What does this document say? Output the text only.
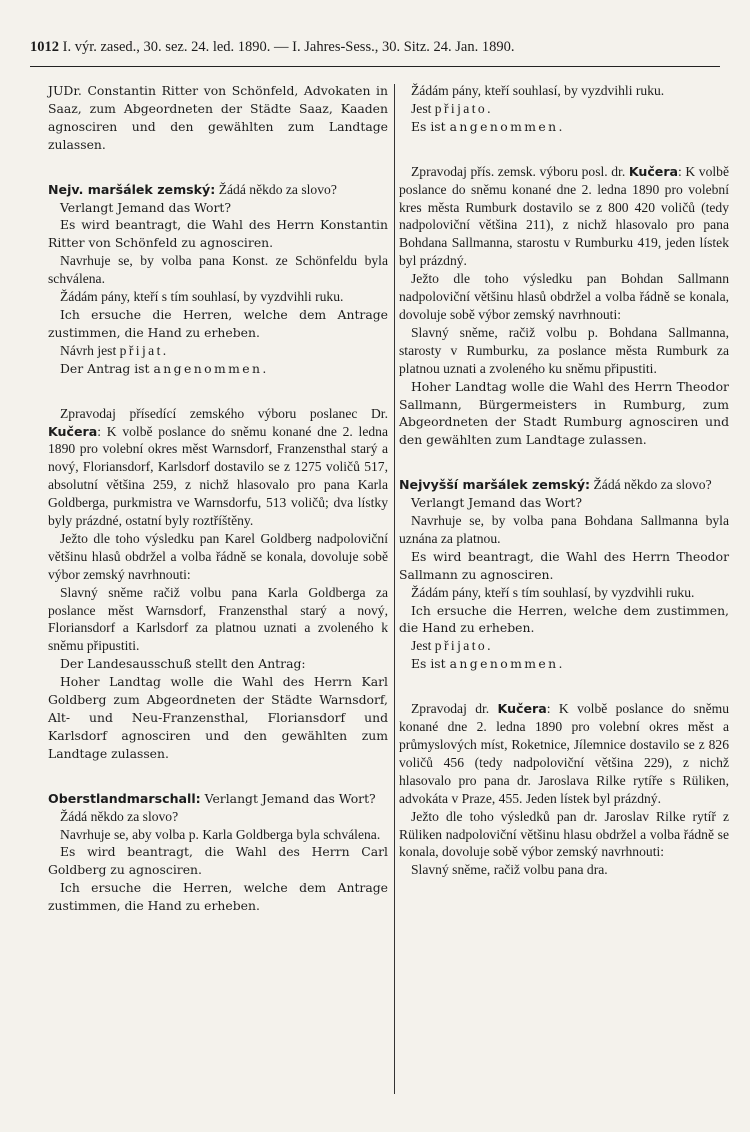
1012 I. výr. zased., 30. sez. 24. led. 1890. — I. Jahres-Sess., 30. Sitz. 24. Jan. 1890.

JUDr. Constantin Ritter von Schönfeld, Advokaten in Saaz, zum Abgeordneten der Städte Saaz, Kaaden agnosciren und den gewählten zum Landtage zulassen.

Nejv. maršálek zemský: Žádá někdo za slovo?

Verlangt Jemand das Wort?

Es wird beantragt, die Wahl des Herrn Konstantin Ritter von Schönfeld zu agnosciren.

Navrhuje se, by volba pana Konst. ze Schönfeldu byla schválena.

Žádám pány, kteří s tím souhlasí, by vyzdvihli ruku.

Ich ersuche die Herren, welche dem Antrage zustimmen, die Hand zu erheben.

Návrh jest přijat.

Der Antrag ist angenommen.

Zpravodaj přísedící zemského výboru poslanec Dr. Kučera: K volbě poslance do sněmu konané dne 2. ledna 1890 pro volební okres měst Warnsdorf, Franzensthal starý a nový, Floriansdorf, Karlsdorf dostavilo se z 1275 voličů 517, absolutní většina 259, z nichž hlasovalo pro pana Karla Goldberga, purkmistra ve Warnsdorfu, 513 voličů; dva lístky byly prázdné, ostatní byly roztříštěny.

Ježto dle toho výsledku pan Karel Goldberg nadpoloviční většinu hlasů obdržel a volba řádně se konala, dovoluje sobě výbor zemský navrhnouti:

Slavný sněme račiž volbu pana Karla Goldberga za poslance měst Warnsdorf, Franzensthal starý a nový, Floriansdorf a Karlsdorf za platnou uznati a zvoleného k sněmu připustiti.

Der Landesausschuß stellt den Antrag:

Hoher Landtag wolle die Wahl des Herrn Karl Goldberg zum Abgeordneten der Städte Warnsdorf, Alt- und Neu-Franzensthal, Floriansdorf und Karlsdorf agnosciren und den gewählten zum Landtage zulassen.

Oberstlandmarschall: Verlangt Jemand das Wort?

Žádá někdo za slovo?

Navrhuje se, aby volba p. Karla Goldberga byla schválena.

Es wird beantragt, die Wahl des Herrn Carl Goldberg zu agnosciren.

Ich ersuche die Herren, welche dem Antrage zustimmen, die Hand zu erheben.

Žádám pány, kteří souhlasí, by vyzdvihli ruku.

Jest přijato.

Es ist angenommen.

Zpravodaj přís. zemsk. výboru posl. dr. Kučera: K volbě poslance do sněmu konané dne 2. ledna 1890 pro volební kres města Rumburk dostavilo se z 800 420 voličů (tedy nadpoloviční většina 211), z nichž hlasovalo pro pana Bohdana Sallmanna, starostu v Rumburku 419, jeden lístek byl prázdný.

Ježto dle toho výsledku pan Bohdan Sallmann nadpoloviční většinu hlasů obdržel a volba řádně se konala, dovoluje sobě výbor zemský navrhnouti:

Slavný sněme, račiž volbu p. Bohdana Sallmanna, starosty v Rumburku, za poslance města Rumburk za platnou uznati a zvoleného ku sněmu připustiti.

Hoher Landtag wolle die Wahl des Herrn Theodor Sallmann, Bürgermeisters in Rumburg, zum Abgeordneten der Stadt Rumburg agnosciren und den gewählten zum Landtage zulassen.

Nejvyšší maršálek zemský: Žádá někdo za slovo?

Verlangt Jemand das Wort?

Navrhuje se, by volba pana Bohdana Sallmanna byla uznána za platnou.

Es wird beantragt, die Wahl des Herrn Theodor Sallmann zu agnosciren.

Žádám pány, kteří s tím souhlasí, by vyzdvihli ruku.

Ich ersuche die Herren, welche dem zustimmen, die Hand zu erheben.

Jest přijato.

Es ist angenommen.

Zpravodaj dr. Kučera: K volbě poslance do sněmu konané dne 2. ledna 1890 pro volební okres měst a průmyslových míst, Roketnice, Jílemnice dostavilo se z 826 voličů 456 (tedy nadpoloviční většina 229), z nichž hlasovalo pro pana dr. Jaroslava Rilke rytíře s Rüliken, advokáta v Praze, 455. Jeden lístek byl prázdný.

Ježto dle toho výsledků pan dr. Jaroslav Rilke rytíř z Rüliken nadpoloviční většinu hlasu obdržel a volba řádně se konala, dovoluje sobě výbor zemský navrhnouti:

Slavný sněme, račiž volbu pana dra.
